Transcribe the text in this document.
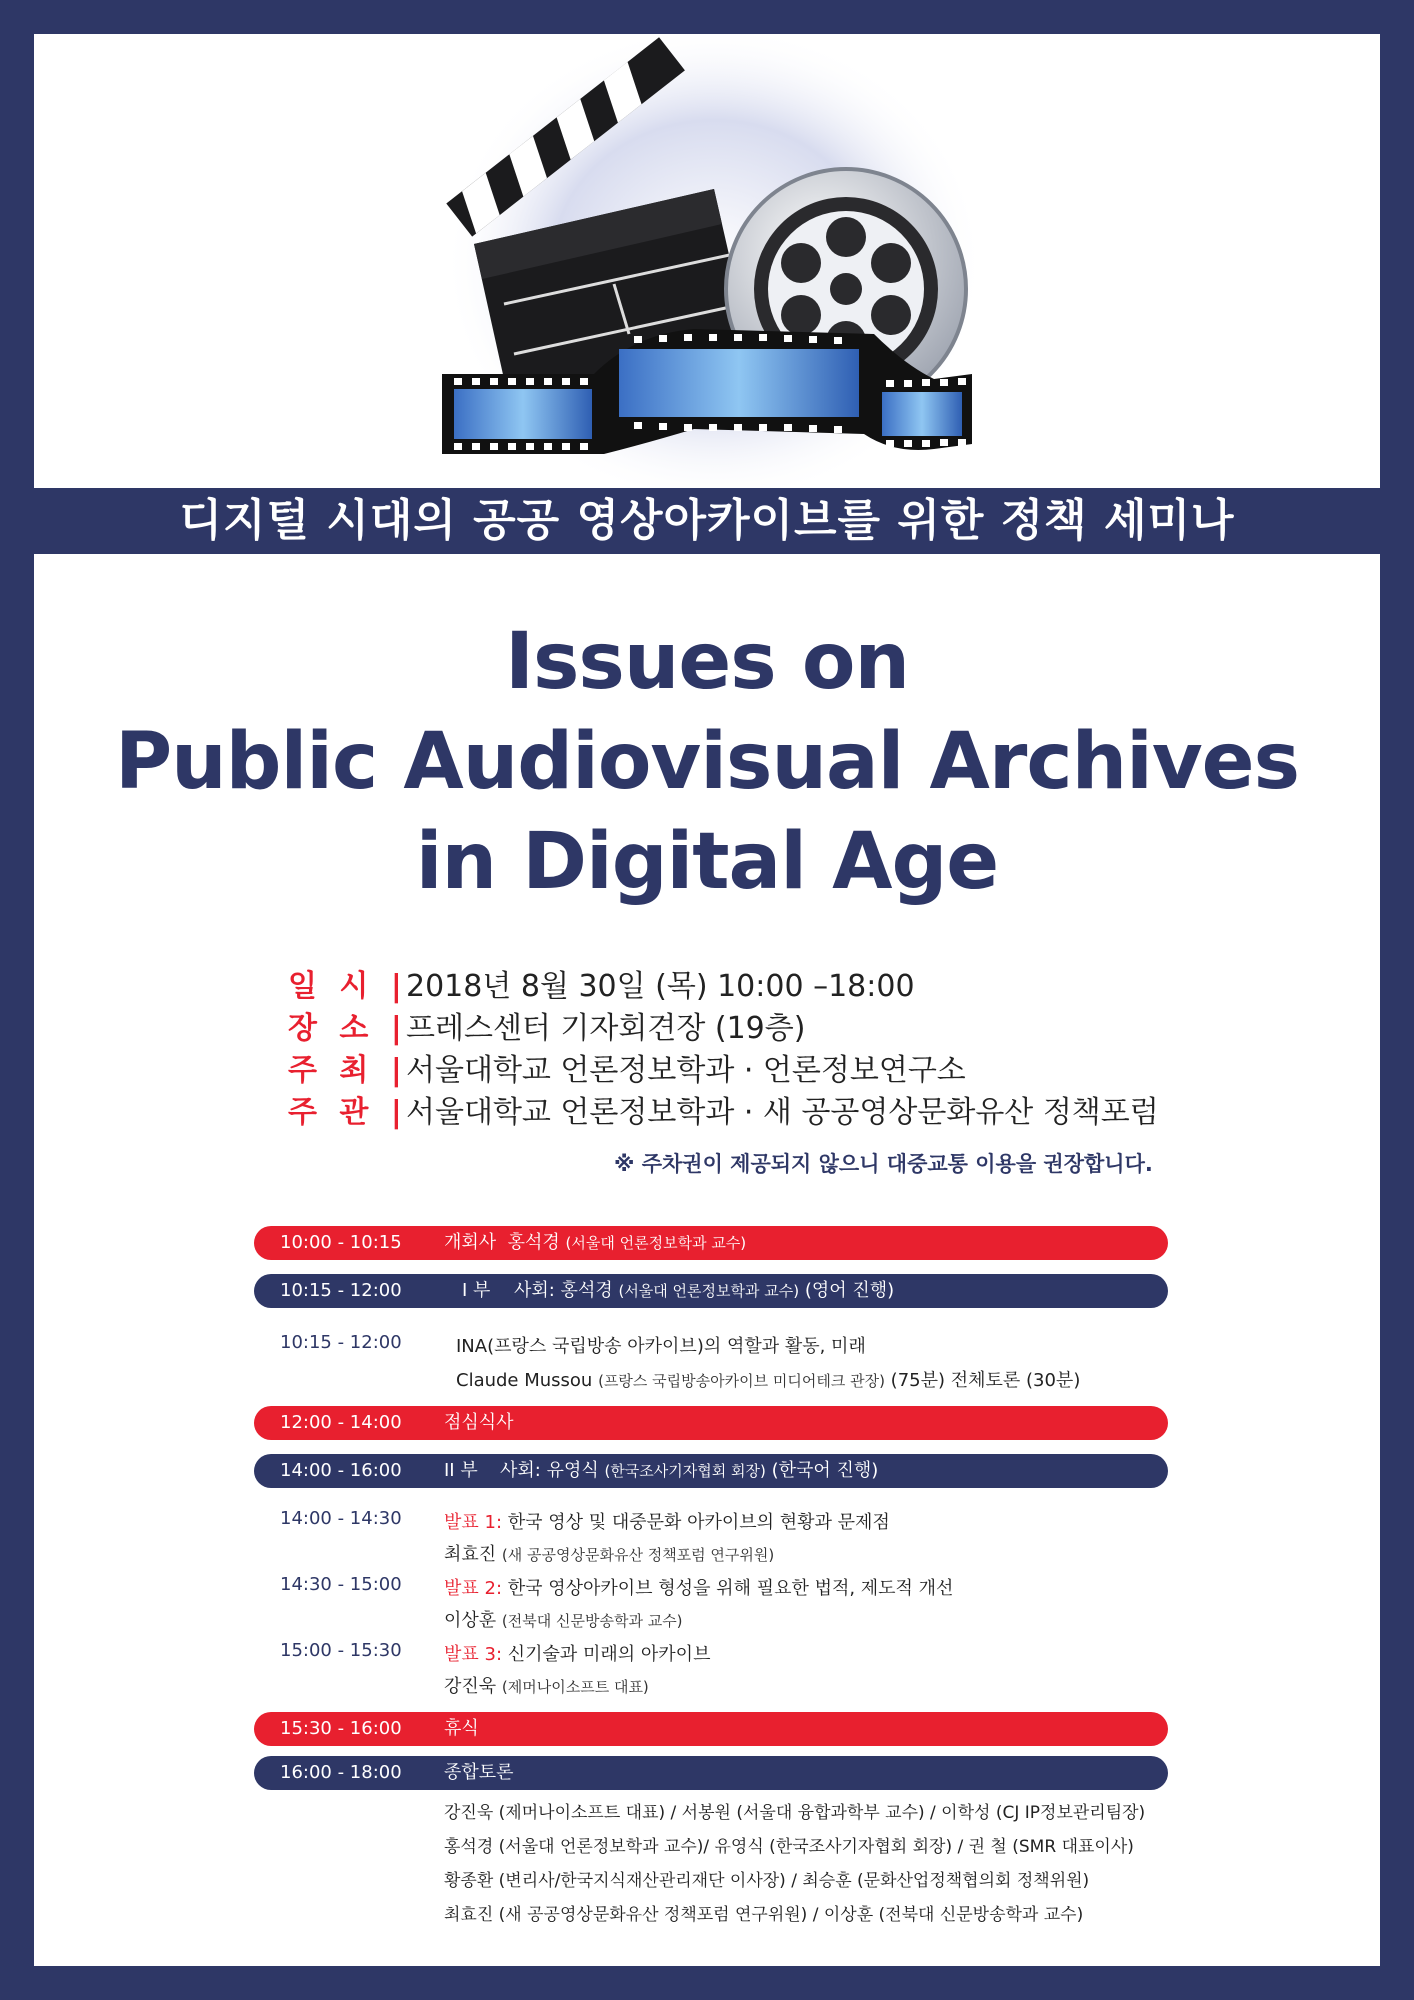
디지털 시대의 공공 영상아카이브를 위한 정책 세미나
Issues on
Public Audiovisual Archives
in Digital Age
일 시 |
2018년 8월 30일 (목) 10:00 –18:00
장 소 |
프레스센터 기자회견장 (19층)
주 최 |
서울대학교 언론정보학과 · 언론정보연구소
주 관 |
서울대학교 언론정보학과 · 새 공공영상문화유산 정책포럼
※ 주차권이 제공되지 않으니 대중교통 이용을 권장합니다.
10:00 - 10:15 개회사 홍석경 (서울대 언론정보학과 교수)
10:15 - 12:00	I 부 사회: 홍석경 (서울대 언론정보학과 교수) (영어 진행)
10:15 - 12:00	INA(프랑스 국립방송 아카이브)의 역할과 활동, 미래
Claude Mussou (프랑스 국립방송아카이브 미디어테크 관장) (75분) 전체토론 (30분)
12:00 - 14:00 점심식사
14:00 - 16:00 II 부 사회: 유영식 (한국조사기자협회 회장) (한국어 진행)
14:00 - 14:30 발표 1: 한국 영상 및 대중문화 아카이브의 현황과 문제점
최효진 (새 공공영상문화유산 정책포럼 연구위원)
14:30 - 15:00 발표 2: 한국 영상아카이브 형성을 위해 필요한 법적, 제도적 개선
이상훈 (전북대 신문방송학과 교수)
15:00 - 15:30 발표 3: 신기술과 미래의 아카이브
강진욱 (제머나이소프트 대표)
15:30 - 16:00 휴식
16:00 - 18:00 종합토론
강진욱 (제머나이소프트 대표) / 서봉원 (서울대 융합과학부 교수) / 이학성 (CJ IP정보관리팀장)
홍석경 (서울대 언론정보학과 교수)/ 유영식 (한국조사기자협회 회장) / 권 철 (SMR 대표이사)
황종환 (변리사/한국지식재산관리재단 이사장) / 최승훈 (문화산업정책협의회 정책위원)
최효진 (새 공공영상문화유산 정책포럼 연구위원) / 이상훈 (전북대 신문방송학과 교수)
